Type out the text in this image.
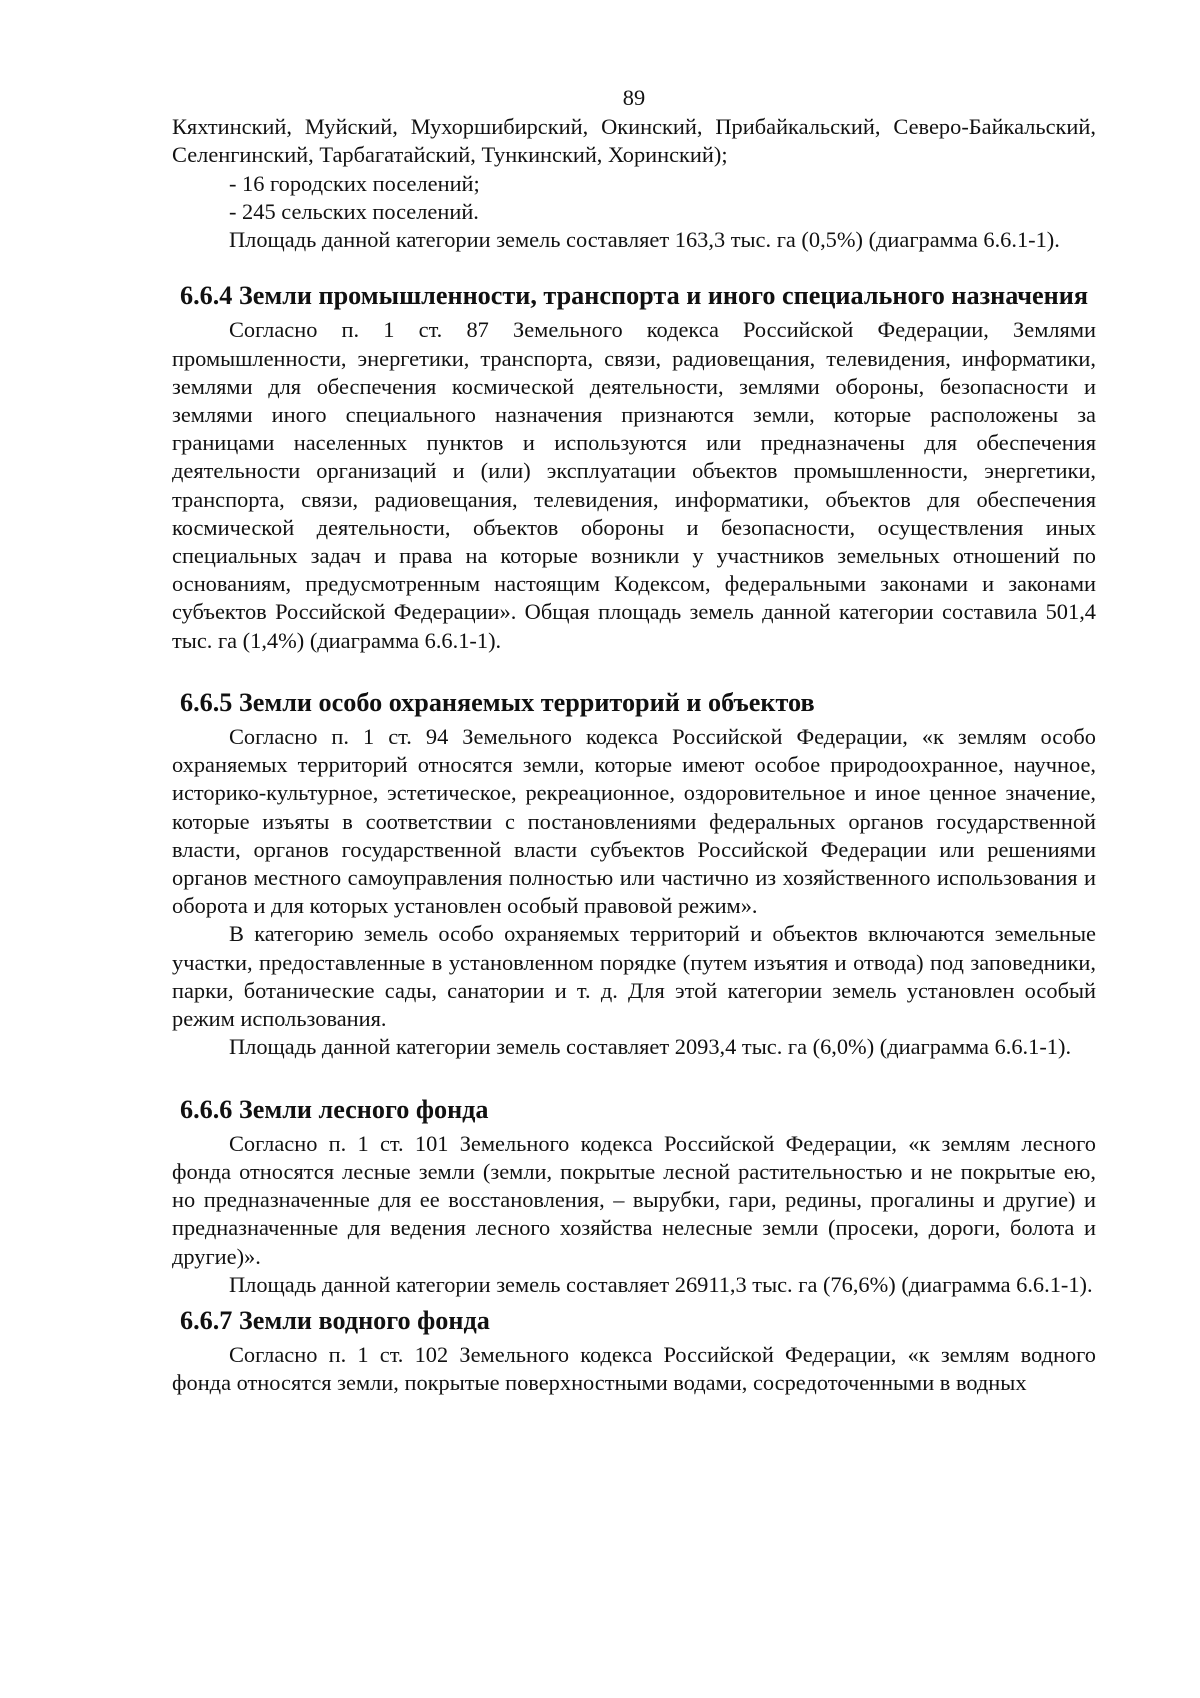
89

Кяхтинский, Муйский, Мухоршибирский, Окинский, Прибайкальский, Северо-Байкальский, Селенгинский, Тарбагатайский, Тункинский, Хоринский);

- 16 городских поселений;
- 245 сельских поселений.

Площадь данной категории земель составляет 163,3 тыс. га (0,5%) (диаграмма 6.6.1-1).

6.6.4 Земли промышленности, транспорта и иного специального назначения

Согласно п. 1 ст. 87 Земельного кодекса Российской Федерации, Землями промышленности, энергетики, транспорта, связи, радиовещания, телевидения, информатики, землями для обеспечения космической деятельности, землями обороны, безопасности и землями иного специального назначения признаются земли, которые расположены за границами населенных пунктов и используются или предназначены для обеспечения деятельности организаций и (или) эксплуатации объектов промышленности, энергетики, транспорта, связи, радиовещания, телевидения, информатики, объектов для обеспечения космической деятельности, объектов обороны и безопасности, осуществления иных специальных задач и права на которые возникли у участников земельных отношений по основаниям, предусмотренным настоящим Кодексом, федеральными законами и законами субъектов Российской Федерации». Общая площадь земель данной категории составила 501,4 тыс. га (1,4%) (диаграмма 6.6.1-1).

6.6.5 Земли особо охраняемых территорий и объектов

Согласно п. 1 ст. 94 Земельного кодекса Российской Федерации, «к землям особо охраняемых территорий относятся земли, которые имеют особое природоохранное, научное, историко-культурное, эстетическое, рекреационное, оздоровительное и иное ценное значение, которые изъяты в соответствии с постановлениями федеральных органов государственной власти, органов государственной власти субъектов Российской Федерации или решениями органов местного самоуправления полностью или частично из хозяйственного использования и оборота и для которых установлен особый правовой режим».

В категорию земель особо охраняемых территорий и объектов включаются земельные участки, предоставленные в установленном порядке (путем изъятия и отвода) под заповедники, парки, ботанические сады, санатории и т. д. Для этой категории земель установлен особый режим использования.

Площадь данной категории земель составляет 2093,4 тыс. га (6,0%) (диаграмма 6.6.1-1).

6.6.6 Земли лесного фонда

Согласно п. 1 ст. 101 Земельного кодекса Российской Федерации, «к землям лесного фонда относятся лесные земли (земли, покрытые лесной растительностью и не покрытые ею, но предназначенные для ее восстановления, – вырубки, гари, редины, прогалины и другие) и предназначенные для ведения лесного хозяйства нелесные земли (просеки, дороги, болота и другие)».

Площадь данной категории земель составляет 26911,3 тыс. га (76,6%) (диаграмма 6.6.1-1).

6.6.7 Земли водного фонда

Согласно п. 1 ст. 102 Земельного кодекса Российской Федерации, «к землям водного фонда относятся земли, покрытые поверхностными водами, сосредоточенными в водных
